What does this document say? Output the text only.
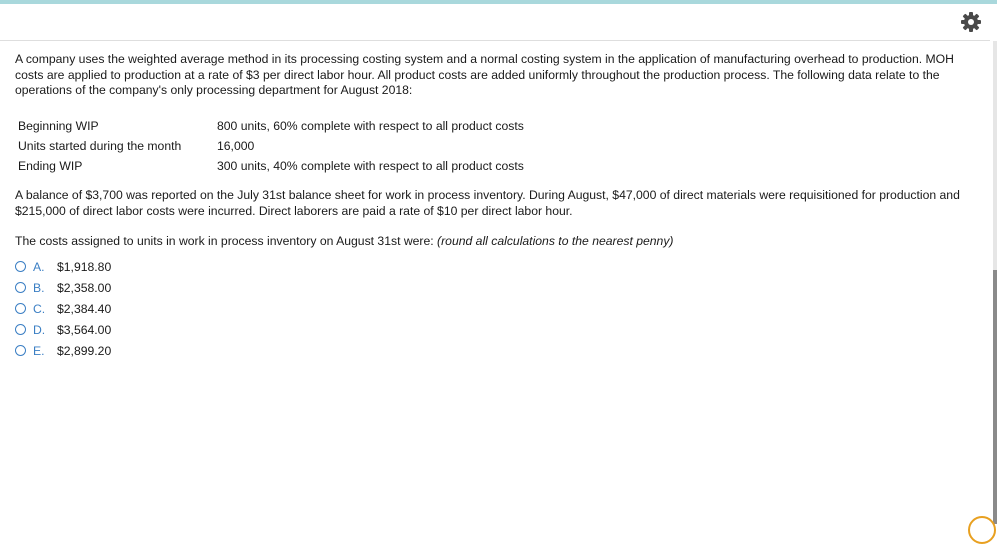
A company uses the weighted average method in its processing costing system and a normal costing system in the application of manufacturing overhead to production. MOH costs are applied to production at a rate of $3 per direct labor hour. All product costs are added uniformly throughout the production process. The following data relate to the operations of the company's only processing department for August 2018:

Beginning WIP	800 units, 60% complete with respect to all product costs
Units started during the month	16,000
Ending WIP	300 units, 40% complete with respect to all product costs

A balance of $3,700 was reported on the July 31st balance sheet for work in process inventory. During August, $47,000 of direct materials were requisitioned for production and $215,000 of direct labor costs were incurred. Direct laborers are paid a rate of $10 per direct labor hour.

The costs assigned to units in work in process inventory on August 31st were: (round all calculations to the nearest penny)
A.	$1,918.80
B.	$2,358.00
C. $2,384.40
D. $3,564.00
E.	$2,899.20
